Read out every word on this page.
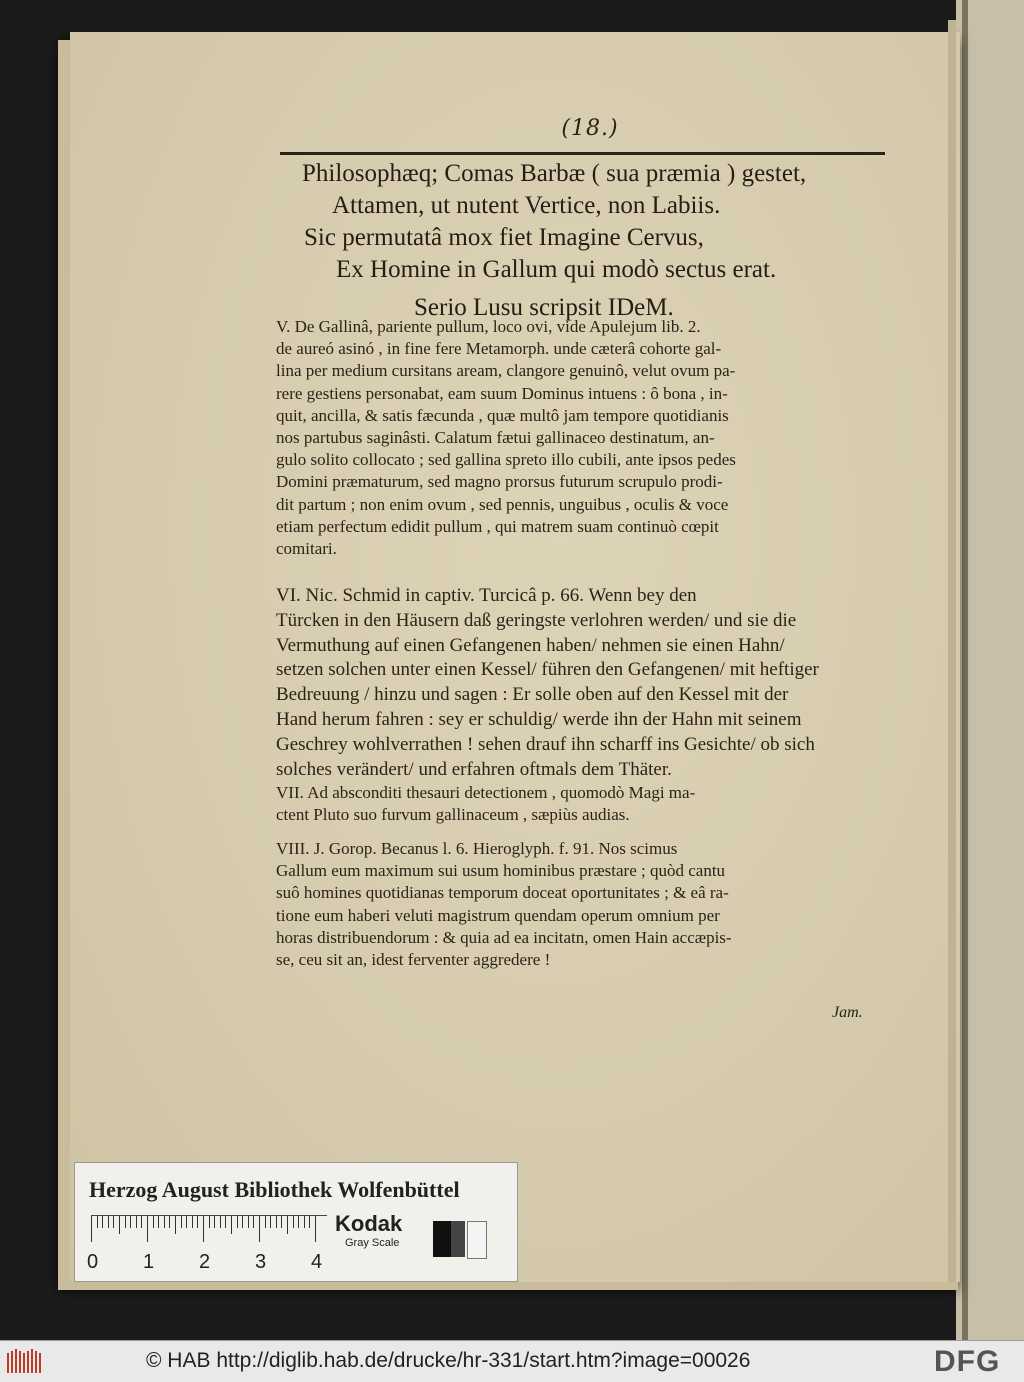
(18.)
Philosophæq; Comas Barbæ ( sua præmia ) gestet,
Attamen, ut nutent Vertice, non Labiis.
Sic permutatâ mox fiet Imagine Cervus,
Ex Homine in Gallum qui modò sectus erat.
Serio Lusu scripsit IDeM.
V. De Gallinâ, pariente pullum, loco ovi, vide Apulejum lib. 2.
de aureó asinó , in fine fere Metamorph. unde cæterâ cohorte gal-
lina per medium cursitans aream, clangore genuinô, velut ovum pa-
rere gestiens personabat, eam suum Dominus intuens : ô bona , in-
quit, ancilla, & satis fæcunda , quæ multô jam tempore quotidianis
nos partubus saginâsti. Calatum fætui gallinaceo destinatum, an-
gulo solito collocato ; sed gallina spreto illo cubili, ante ipsos pedes
Domini præmaturum, sed magno prorsus futurum scrupulo prodi-
dit partum ; non enim ovum , sed pennis, unguibus , oculis & voce
etiam perfectum edidit pullum , qui matrem suam continuò cœpit
comitari.
VI. Nic. Schmid in captiv. Turcicâ p. 66. Wenn bey den
Türcken in den Häusern daß geringste verlohren werden/ und sie die
Vermuthung auf einen Gefangenen haben/ nehmen sie einen Hahn/
setzen solchen unter einen Kessel/ führen den Gefangenen/ mit heftiger
Bedreuung / hinzu und sagen : Er solle oben auf den Kessel mit der
Hand herum fahren : sey er schuldig/ werde ihn der Hahn mit seinem
Geschrey wohlverrathen ! sehen drauf ihn scharff ins Gesichte/ ob sich
solches verändert/ und erfahren oftmals dem Thäter.
VII. Ad absconditi thesauri detectionem , quomodò Magi ma-
ctent Pluto suo furvum gallinaceum , sæpiùs audias.
VIII. J. Gorop. Becanus l. 6. Hieroglyph. f. 91. Nos scimus
Gallum eum maximum sui usum hominibus præstare ; quòd cantu
suô homines quotidianas temporum doceat oportunitates ; & eâ ra-
tione eum haberi veluti magistrum quendam operum omnium per
horas distribuendorum : & quia ad ea incitatn, omen Hain accæpis-
se, ceu sit an, idest ferventer aggredere !
Jam.
Herzog August Bibliothek Wolfenbüttel
0 1 2 3 4
Kodak
Gray Scale
© HAB http://diglib.hab.de/drucke/hr-331/start.htm?image=00026	DFG
